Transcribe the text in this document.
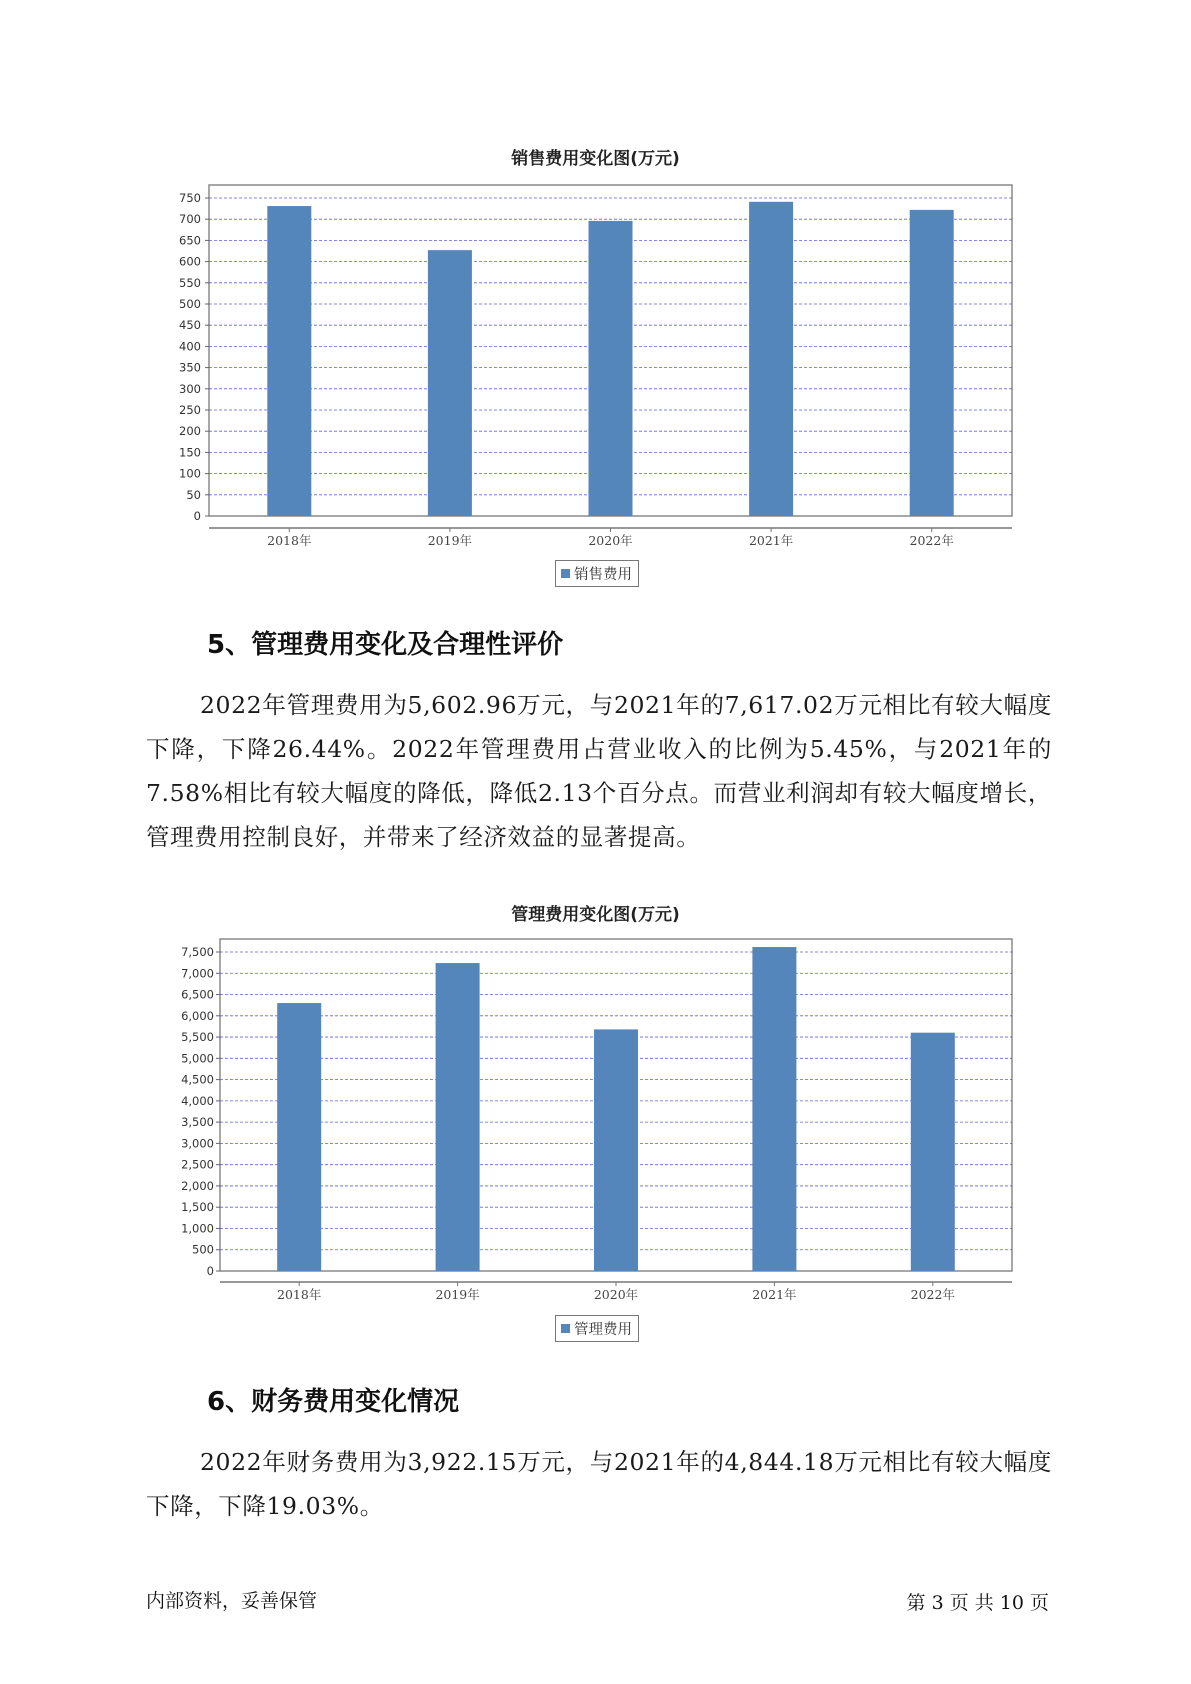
销售费用变化图(万元)
0
50
100
150
200
250
300
350
400
450
500
550
600
650
700
750
2018年	2019年	2020年	2021年	2022年
销售费用
5、管理费用变化及合理性评价
2022年管理费用为5,602.96万元，与2021年的7,617.02万元相比有较大幅度下降，下降26.44%。2022年管理费用占营业收入的比例为5.45%，与2021年的7.58%相比有较大幅度的降低，降低2.13个百分点。而营业利润却有较大幅度增长，管理费用控制良好，并带来了经济效益的显著提高。
管理费用变化图(万元)
0
500
1,000
1,500
2,000
2,500
3,000
3,500
4,000
4,500
5,000
5,500
6,000
6,500
7,000
7,500
2018年	2019年	2020年	2021年	2022年
管理费用
6、财务费用变化情况
2022年财务费用为3,922.15万元，与2021年的4,844.18万元相比有较大幅度下降，下降19.03%。
内部资料，妥善保管	第 3 页 共 10 页
